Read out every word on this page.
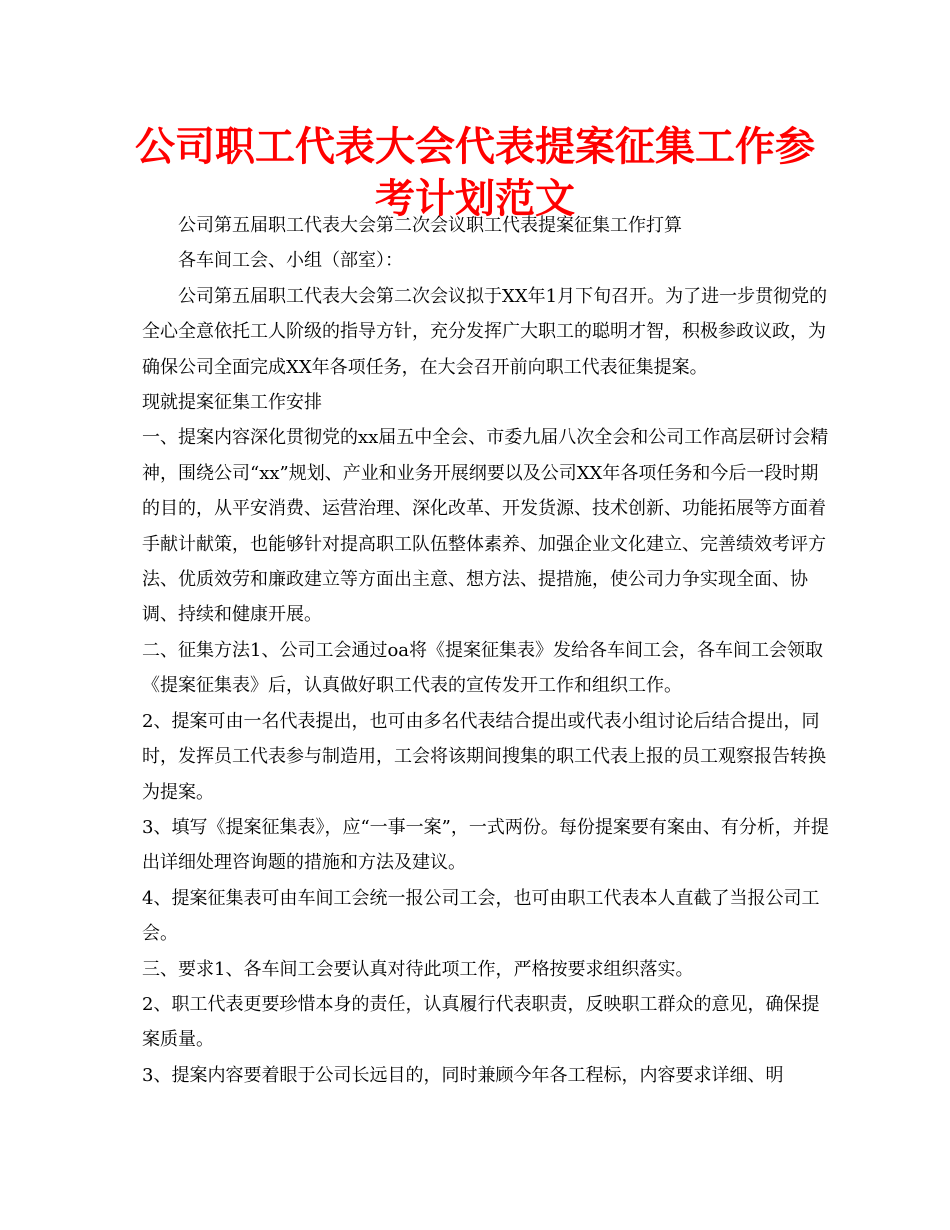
公司职工代表大会代表提案征集工作参考计划范文

公司第五届职工代表大会第二次会议职工代表提案征集工作打算

各车间工会、小组（部室）：

公司第五届职工代表大会第二次会议拟于XX年1月下旬召开。为了进一步贯彻党的全心全意依托工人阶级的指导方针，充分发挥广大职工的聪明才智，积极参政议政，为确保公司全面完成XX年各项任务，在大会召开前向职工代表征集提案。

现就提案征集工作安排

一、提案内容深化贯彻党的xx届五中全会、市委九届八次全会和公司工作高层研讨会精神，围绕公司“xx”规划、产业和业务开展纲要以及公司XX年各项任务和今后一段时期的目的，从平安消费、运营治理、深化改革、开发货源、技术创新、功能拓展等方面着手献计献策，也能够针对提高职工队伍整体素养、加强企业文化建立、完善绩效考评方法、优质效劳和廉政建立等方面出主意、想方法、提措施，使公司力争实现全面、协调、持续和健康开展。

二、征集方法1、公司工会通过oa将《提案征集表》发给各车间工会，各车间工会领取《提案征集表》后，认真做好职工代表的宣传发开工作和组织工作。

2、提案可由一名代表提出，也可由多名代表结合提出或代表小组讨论后结合提出，同时，发挥员工代表参与制造用，工会将该期间搜集的职工代表上报的员工观察报告转换为提案。

3、填写《提案征集表》，应“一事一案”，一式两份。每份提案要有案由、有分析，并提出详细处理咨询题的措施和方法及建议。

4、提案征集表可由车间工会统一报公司工会，也可由职工代表本人直截了当报公司工会。

三、要求1、各车间工会要认真对待此项工作，严格按要求组织落实。

2、职工代表更要珍惜本身的责任，认真履行代表职责，反映职工群众的意见，确保提案质量。

3、提案内容要着眼于公司长远目的，同时兼顾今年各工程标，内容要求详细、明
